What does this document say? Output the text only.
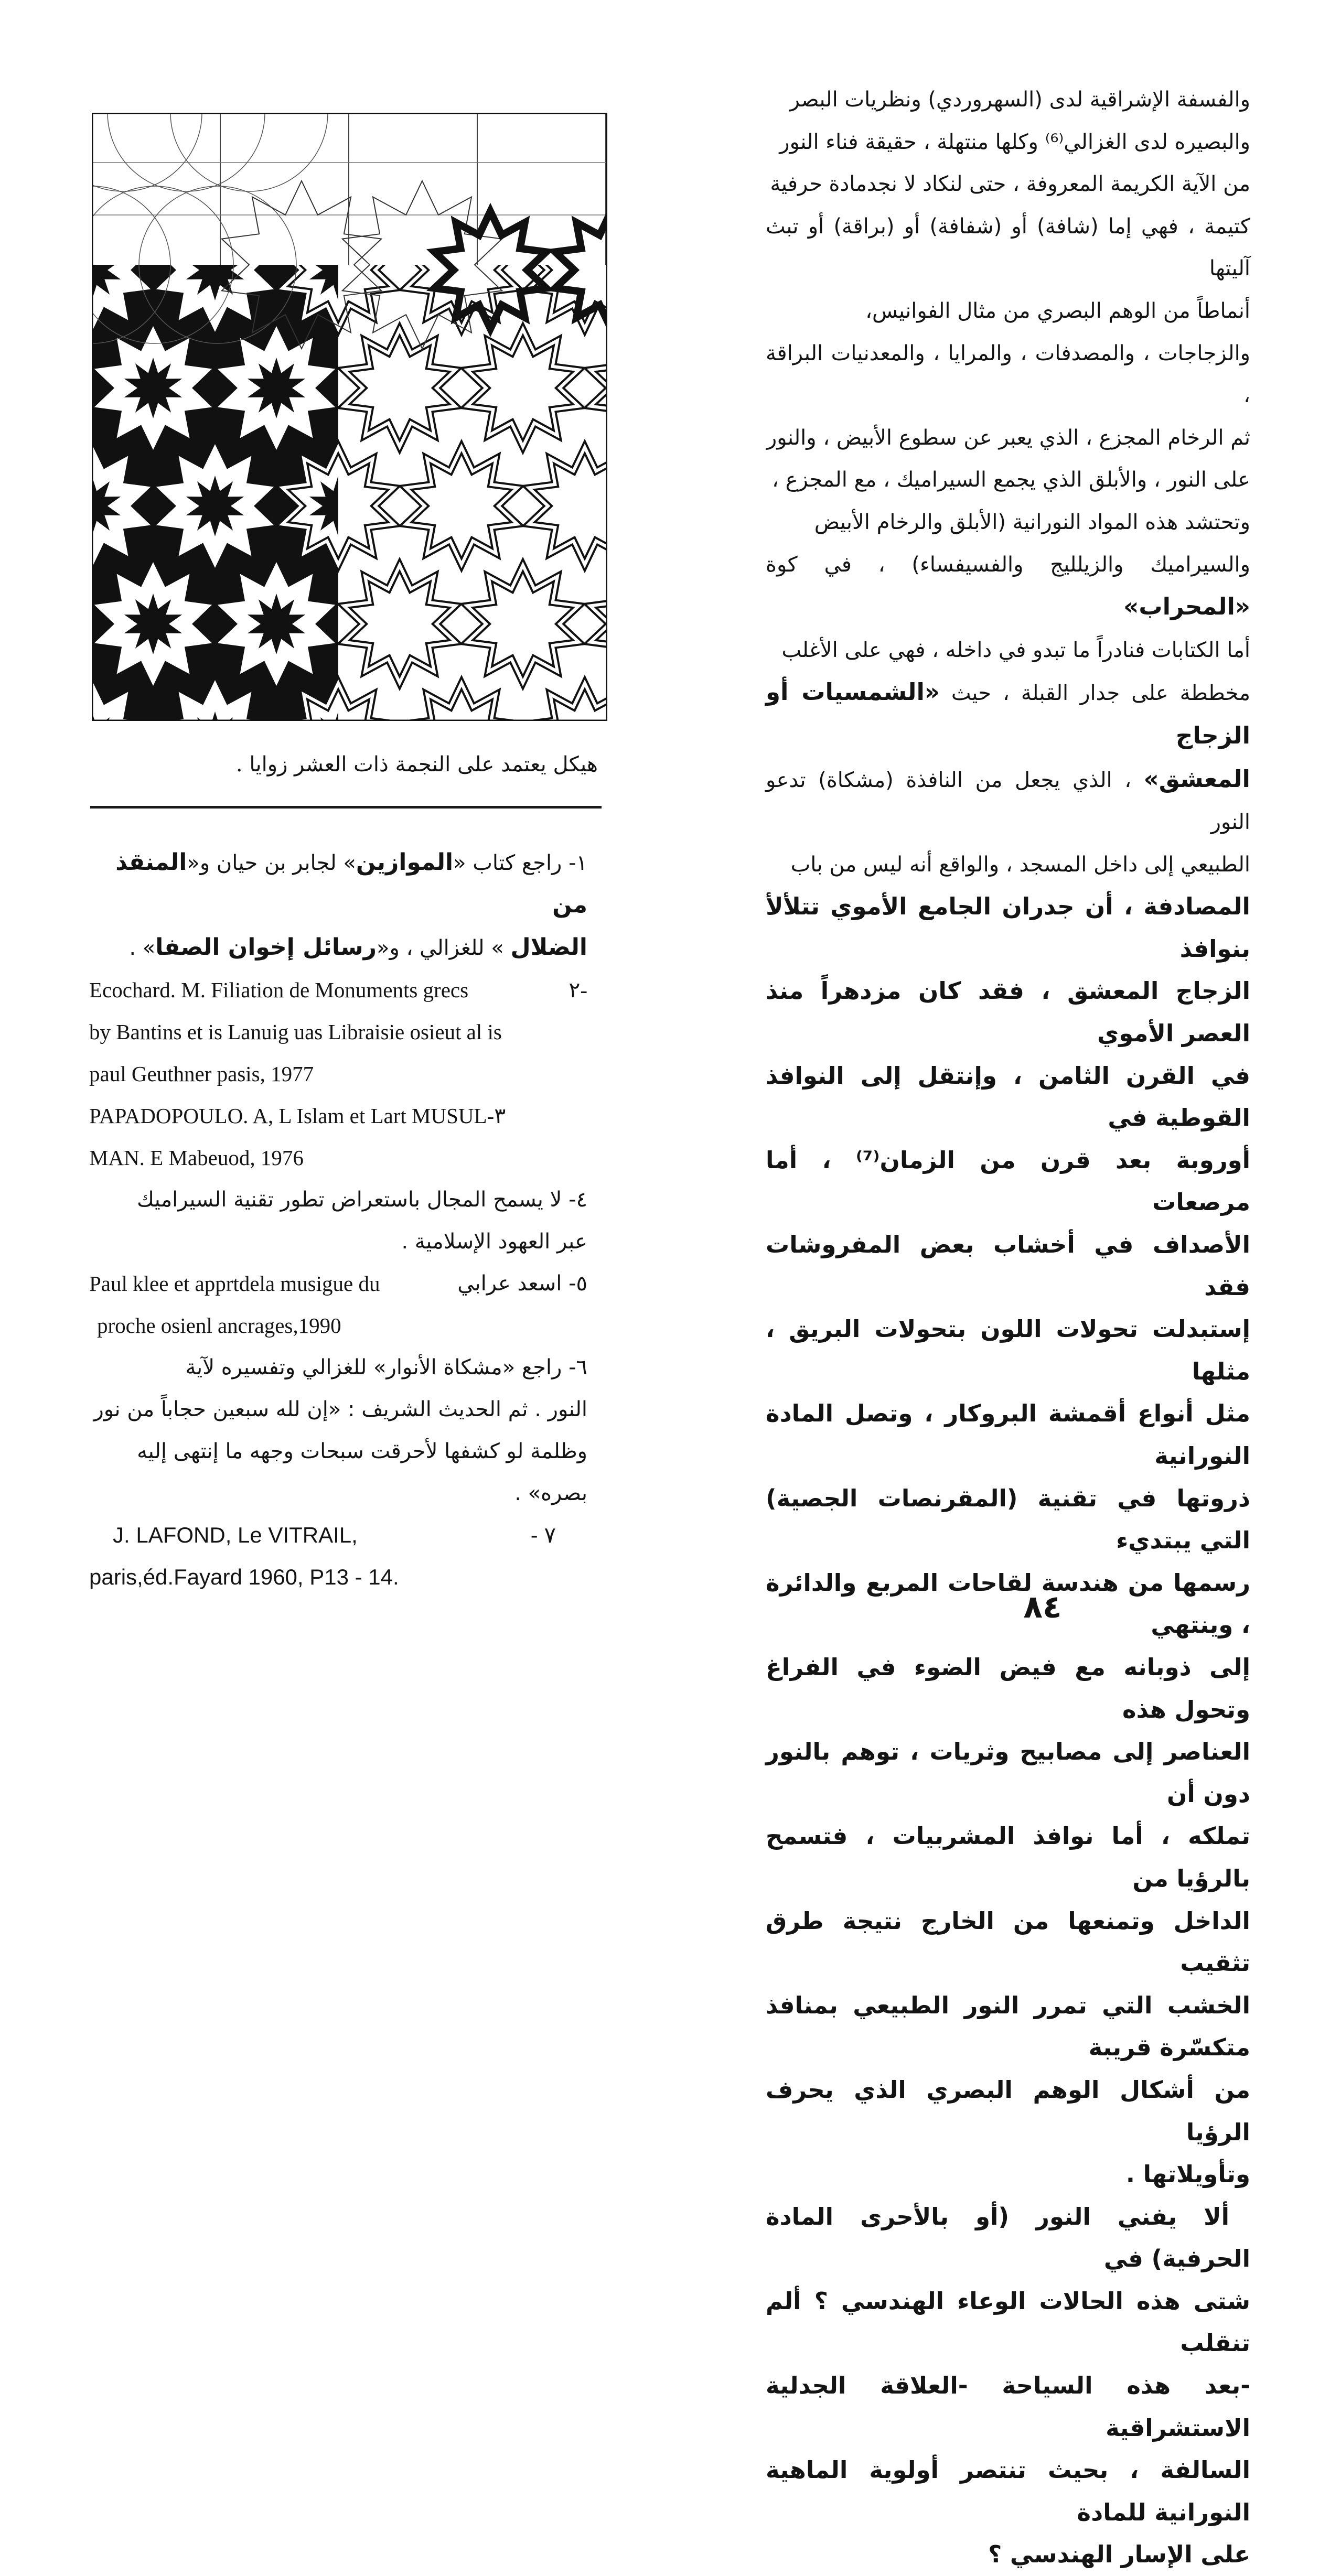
والفسفة الإشراقية لدى (السهروردي) ونظريات البصر

والبصيره لدى الغزالي⁽⁶⁾ وكلها منتهلة ، حقيقة فناء النور

من الآية الكريمة المعروفة ، حتى لنكاد لا نجدمادة حرفية

كتيمة ، فهي إما (شافة) أو (شفافة) أو (براقة) أو تبث آليتها

أنماطاً من الوهم البصري من مثال الفوانيس،

والزجاجات ، والمصدفات ، والمرايا ، والمعدنيات البراقة ،

ثم الرخام المجزع ، الذي يعبر عن سطوع الأبيض ، والنور

على النور ، والأبلق الذي يجمع السيراميك ، مع المجزع ،

وتحتشد هذه المواد النورانية (الأبلق والرخام الأبيض

والسيراميك والزيلليج والفسيفساء) ، في كوة «المحراب»

أما الكتابات فنادراً ما تبدو في داخله ، فهي على الأغلب

مخططة على جدار القبلة ، حيث «الشمسيات أو الزجاج

المعشق» ، الذي يجعل من النافذة (مشكاة) تدعو النور

الطبيعي إلى داخل المسجد ، والواقع أنه ليس من باب

المصادفة ، أن جدران الجامع الأموي تتلألأ بنوافذ

الزجاج المعشق ، فقد كان مزدهراً منذ العصر الأموي

في القرن الثامن ، وإنتقل إلى النوافذ القوطية في

أوروبة بعد قرن من الزمان⁽⁷⁾ ، أما مرصعات

الأصداف في أخشاب بعض المفروشات فقد

إستبدلت تحولات اللون بتحولات البريق ، مثلها

مثل أنواع أقمشة البروكار ، وتصل المادة النورانية

ذروتها في تقنية (المقرنصات الجصية) التي يبتديء

رسمها من هندسة لقاحات المربع والدائرة ، وينتهي

إلى ذوبانه مع فيض الضوء في الفراغ وتحول هذه

العناصر إلى مصابيح وثريات ، توهم بالنور دون أن

تملكه ، أما نوافذ المشربيات ، فتسمح بالرؤيا من

الداخل وتمنعها من الخارج نتيجة طرق تثقيب

الخشب التي تمرر النور الطبيعي بمنافذ متكسّرة قريبة

من أشكال الوهم البصري الذي يحرف الرؤيا

وتأويلاتها .

ألا يفني النور (أو بالأحرى المادة الحرفية) في

شتى هذه الحالات الوعاء الهندسي ؟ ألم تنقلب

-بعد هذه السياحة -العلاقة الجدلية الاستشراقية

السالفة ، بحيث تنتصر أولوية الماهية النورانية للمادة

على الإسار الهندسي ؟

٨٤
هيكل يعتمد على النجمة ذات العشر زوايا .
١- راجع كتاب «الموازين» لجابر بن حيان و«المنقذ من
الضلال » للغزالي ، و«رسائل إخوان الصفا» .
Ecochard. M. Filiation de Monuments grecs	-٢
by Bantins et is Lanuig uas Libraisie osieut al is
paul Geuthner pasis, 1977
PAPADOPOULO. A, L Islam et Lart MUSUL-٣
MAN. E Mabeuod, 1976
٤- لا يسمح المجال باستعراض تطور تقنية السيراميك
عبر العهود الإسلامية .
Paul klee et apprtdela musigue du	٥- اسعد عرابي
proche osienl ancrages,1990
٦- راجع «مشكاة الأنوار» للغزالي وتفسيره لآية
النور . ثم الحديث الشريف : «إن لله سبعين حجاباً من نور
وظلمة لو كشفها لأحرقت سبحات وجهه ما إنتهى إليه
بصره» .
J. LAFOND, Le VITRAIL,	٧ -
paris,éd.Fayard 1960, P13 - 14.
